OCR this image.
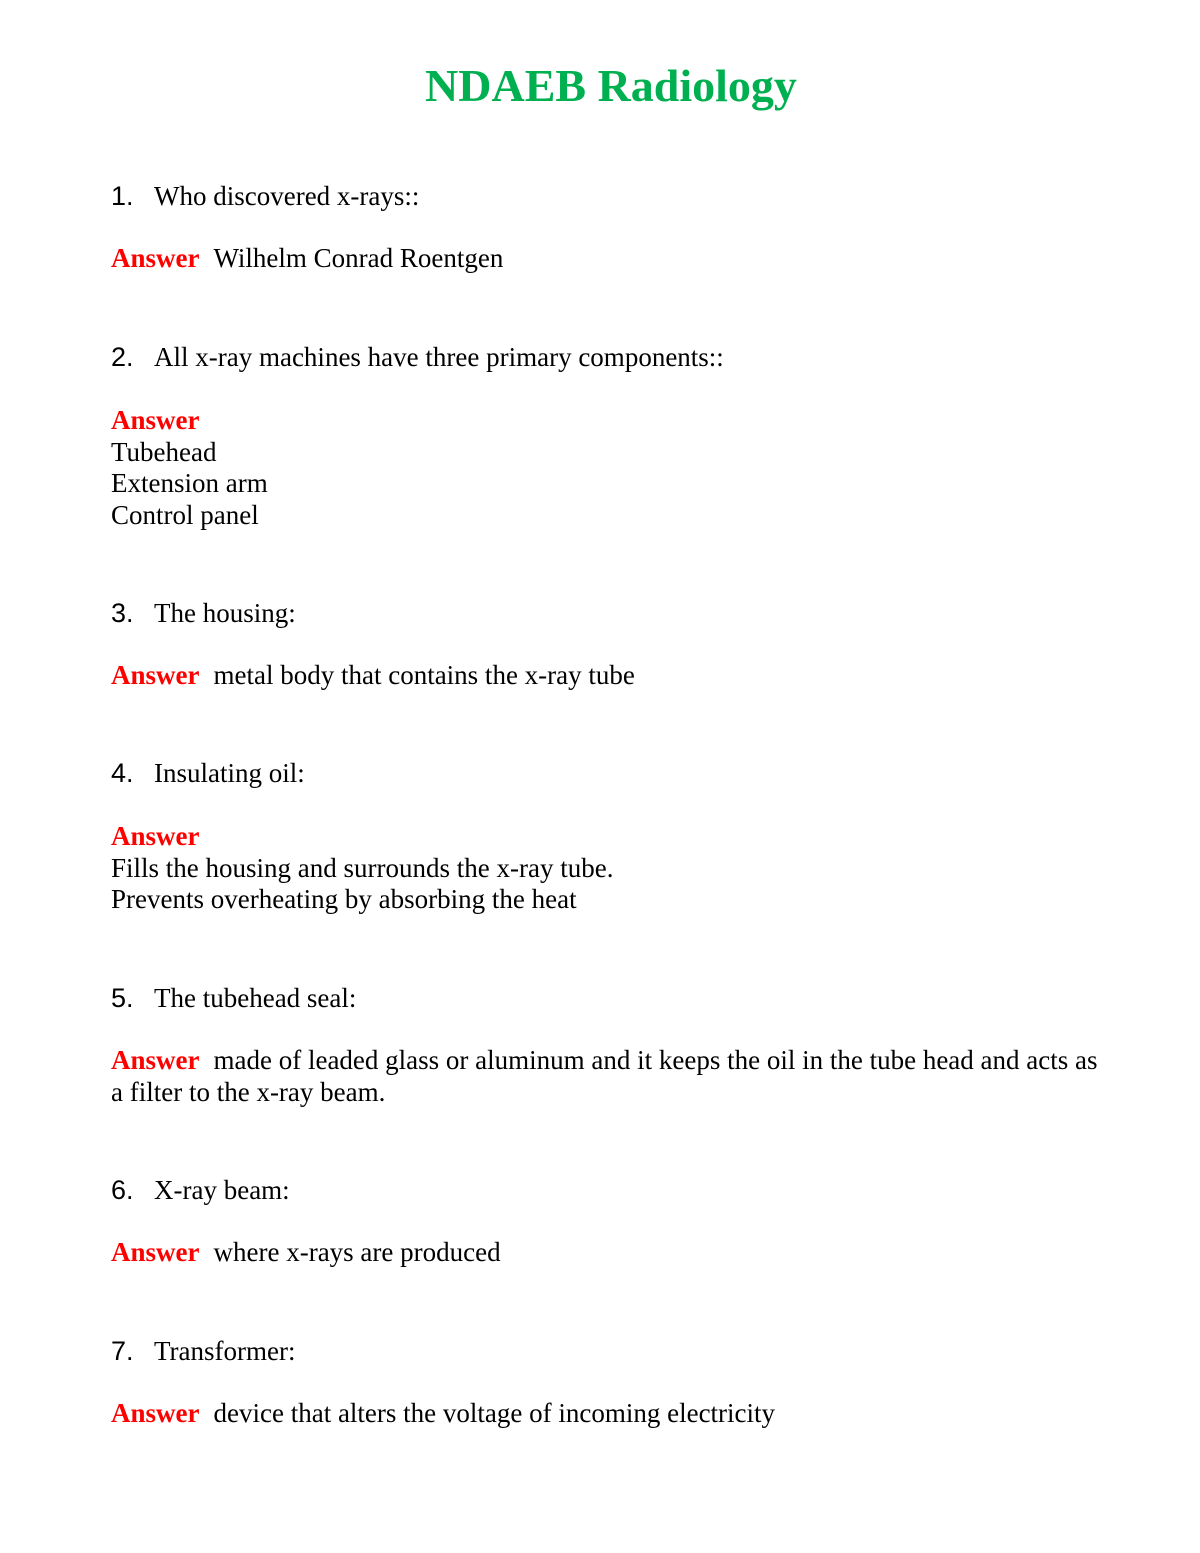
NDAEB Radiology

1. Who discovered x-rays::

Answer Wilhelm Conrad Roentgen

2. All x-ray machines have three primary components::

Answer
Tubehead
Extension arm
Control panel

3. The housing:

Answer metal body that contains the x-ray tube

4. Insulating oil:

Answer
Fills the housing and surrounds the x-ray tube.
Prevents overheating by absorbing the heat

5. The tubehead seal:

Answer made of leaded glass or aluminum and it keeps the oil in the tube head and acts as a filter to the x-ray beam.

6. X-ray beam:

Answer where x-rays are produced

7. Transformer:

Answer device that alters the voltage of incoming electricity
